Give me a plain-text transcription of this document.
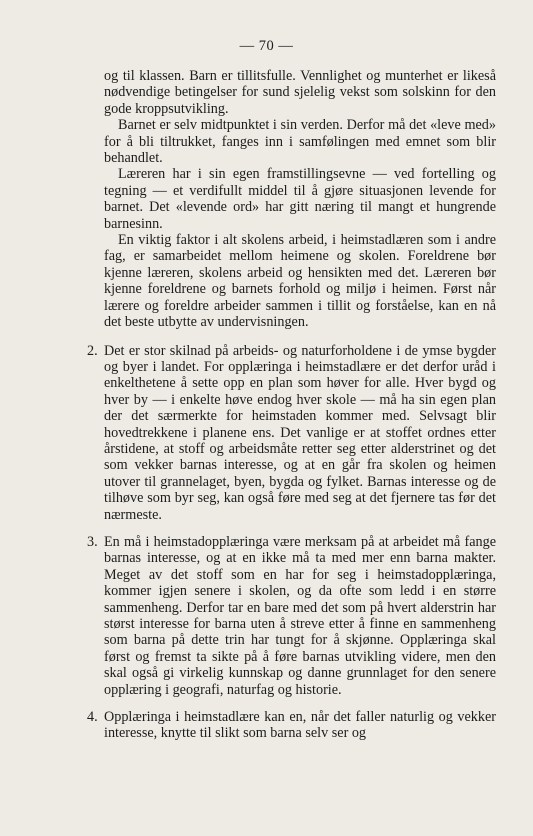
— 70 —

og til klassen. Barn er tillitsfulle. Vennlighet og munterhet er likeså nødvendige betingelser for sund sjelelig vekst som solskinn for den gode kroppsutvikling.

Barnet er selv midtpunktet i sin verden. Derfor må det «leve med» for å bli tiltrukket, fanges inn i samfølingen med emnet som blir behandlet.

Læreren har i sin egen framstillingsevne — ved fortelling og tegning — et verdifullt middel til å gjøre situasjonen levende for barnet. Det «levende ord» har gitt næring til mangt et hungrende barnesinn.

En viktig faktor i alt skolens arbeid, i heimstadlæren som i andre fag, er samarbeidet mellom heimene og skolen. Foreldrene bør kjenne læreren, skolens arbeid og hensikten med det. Læreren bør kjenne foreldrene og barnets forhold og miljø i heimen. Først når lærere og foreldre arbeider sammen i tillit og forståelse, kan en nå det beste utbytte av undervisningen.

2. Det er stor skilnad på arbeids- og naturforholdene i de ymse bygder og byer i landet. For opplæringa i heimstadlære er det derfor uråd i enkelthetene å sette opp en plan som høver for alle. Hver bygd og hver by — i enkelte høve endog hver skole — må ha sin egen plan der det særmerkte for heimstaden kommer med. Selvsagt blir hovedtrekkene i planene ens. Det vanlige er at stoffet ordnes etter årstidene, at stoff og arbeidsmåte retter seg etter alderstrinet og det som vekker barnas interesse, og at en går fra skolen og heimen utover til grannelaget, byen, bygda og fylket. Barnas interesse og de tilhøve som byr seg, kan også føre med seg at det fjernere tas før det nærmeste.
3. En må i heimstadopplæringa være merksam på at arbeidet må fange barnas interesse, og at en ikke må ta med mer enn barna makter. Meget av det stoff som en har for seg i heimstadopplæringa, kommer igjen senere i skolen, og da ofte som ledd i en større sammenheng. Derfor tar en bare med det som på hvert alderstrin har størst interesse for barna uten å streve etter å finne en sammenheng som barna på dette trin har tungt for å skjønne. Opplæringa skal først og fremst ta sikte på å føre barnas utvikling videre, men den skal også gi virkelig kunnskap og danne grunnlaget for den senere opplæring i geografi, naturfag og historie.
4. Opplæringa i heimstadlære kan en, når det faller naturlig og vekker interesse, knytte til slikt som barna selv ser og
